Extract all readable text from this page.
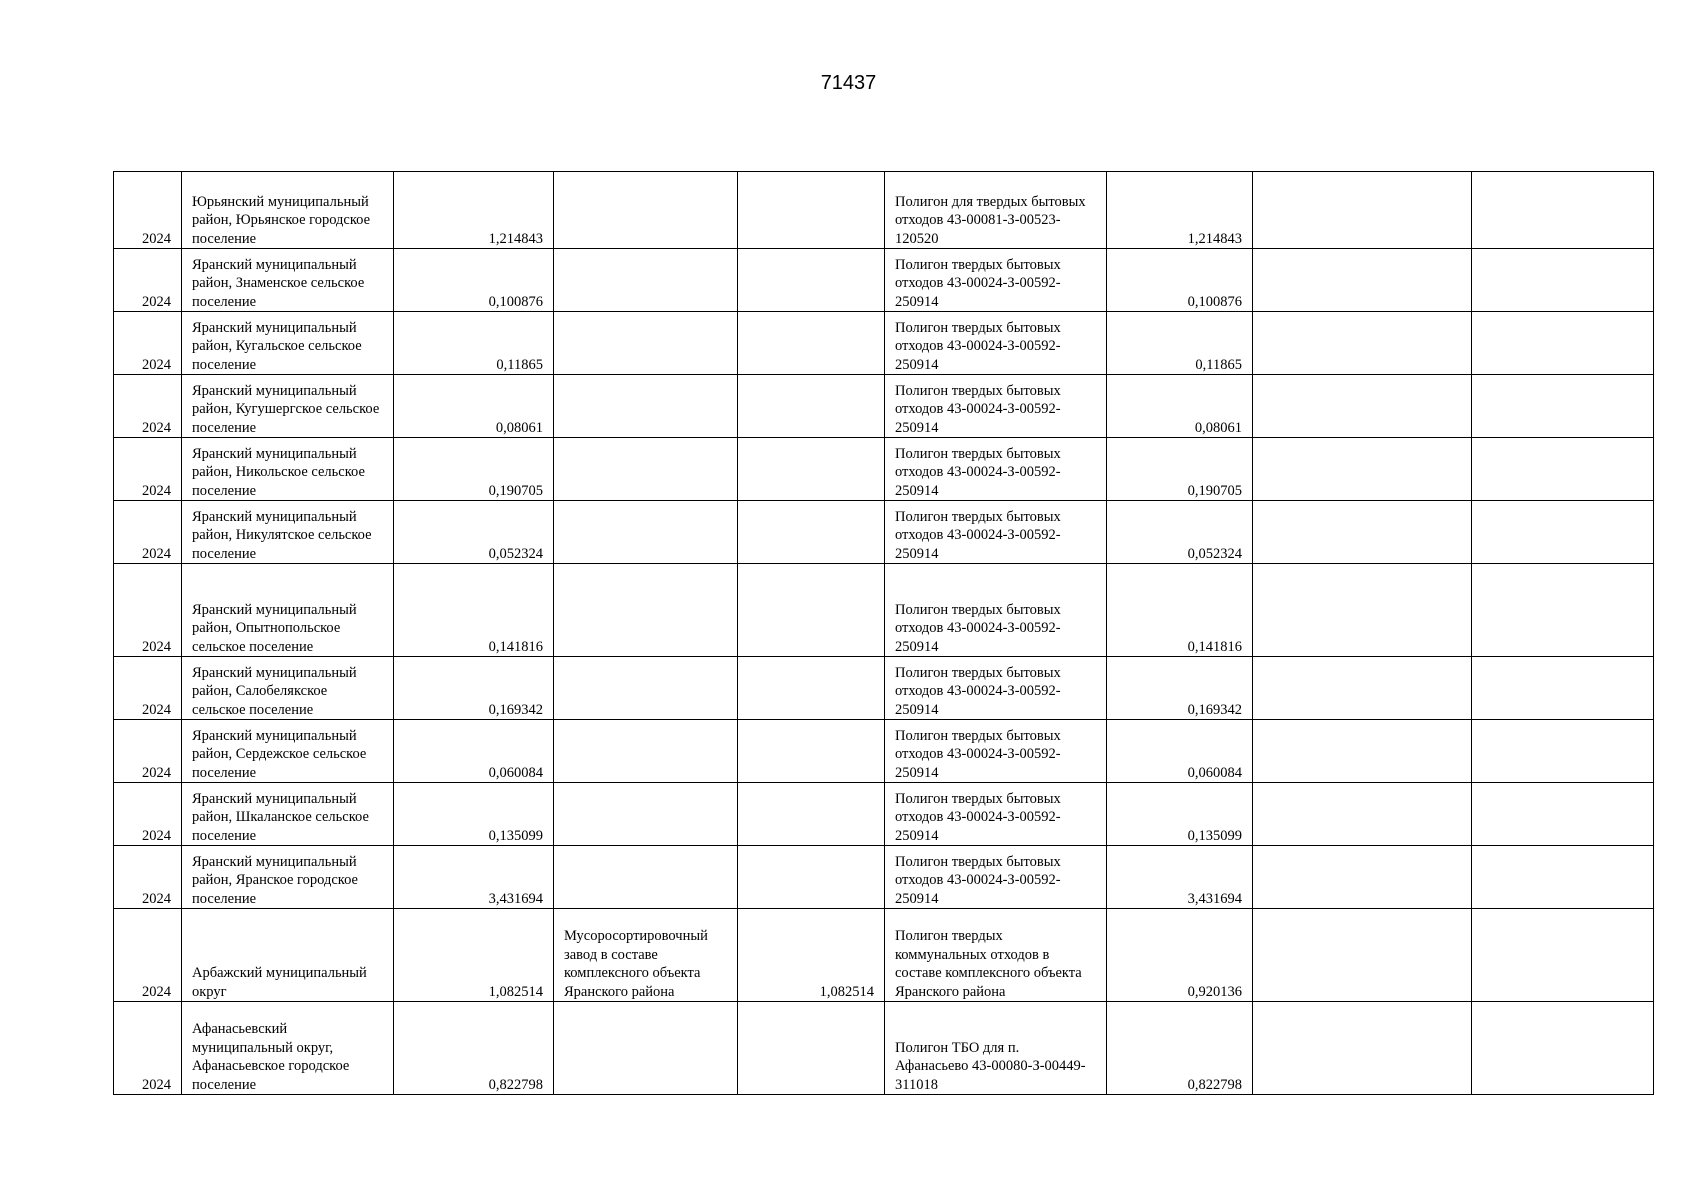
71437
2024	Юрьянский муниципальный район, Юрьянское городское поселение	1,214843			Полигон для твердых бытовых отходов 43-00081-З-00523-120520	1,214843		
2024	Яранский муниципальный район, Знаменское сельское поселение	0,100876			Полигон твердых бытовых отходов 43-00024-З-00592-250914	0,100876		
2024	Яранский муниципальный район, Кугальское сельское поселение	0,11865			Полигон твердых бытовых отходов 43-00024-З-00592-250914	0,11865		
2024	Яранский муниципальный район, Кугушергское сельское поселение	0,08061			Полигон твердых бытовых отходов 43-00024-З-00592-250914	0,08061		
2024	Яранский муниципальный район, Никольское сельское поселение	0,190705			Полигон твердых бытовых отходов 43-00024-З-00592-250914	0,190705		
2024	Яранский муниципальный район, Никулятское сельское поселение	0,052324			Полигон твердых бытовых отходов 43-00024-З-00592-250914	0,052324		
2024	Яранский муниципальный район, Опытнопольское сельское поселение	0,141816			Полигон твердых бытовых отходов 43-00024-З-00592-250914	0,141816		
2024	Яранский муниципальный район, Салобелякское сельское поселение	0,169342			Полигон твердых бытовых отходов 43-00024-З-00592-250914	0,169342		
2024	Яранский муниципальный район, Сердежское сельское поселение	0,060084			Полигон твердых бытовых отходов 43-00024-З-00592-250914	0,060084		
2024	Яранский муниципальный район, Шкаланское сельское поселение	0,135099			Полигон твердых бытовых отходов 43-00024-З-00592-250914	0,135099		
2024	Яранский муниципальный район, Яранское городское поселение	3,431694			Полигон твердых бытовых отходов 43-00024-З-00592-250914	3,431694		
2024	Арбажский муниципальный округ	1,082514	Мусоросортировочный завод в составе комплексного объекта Яранского района	1,082514	Полигон твердых коммунальных отходов в составе комплексного объекта Яранского района	0,920136		
2024	Афанасьевский муниципальный округ, Афанасьевское городское поселение	0,822798			Полигон ТБО для п. Афанасьево 43-00080-З-00449-311018	0,822798		
